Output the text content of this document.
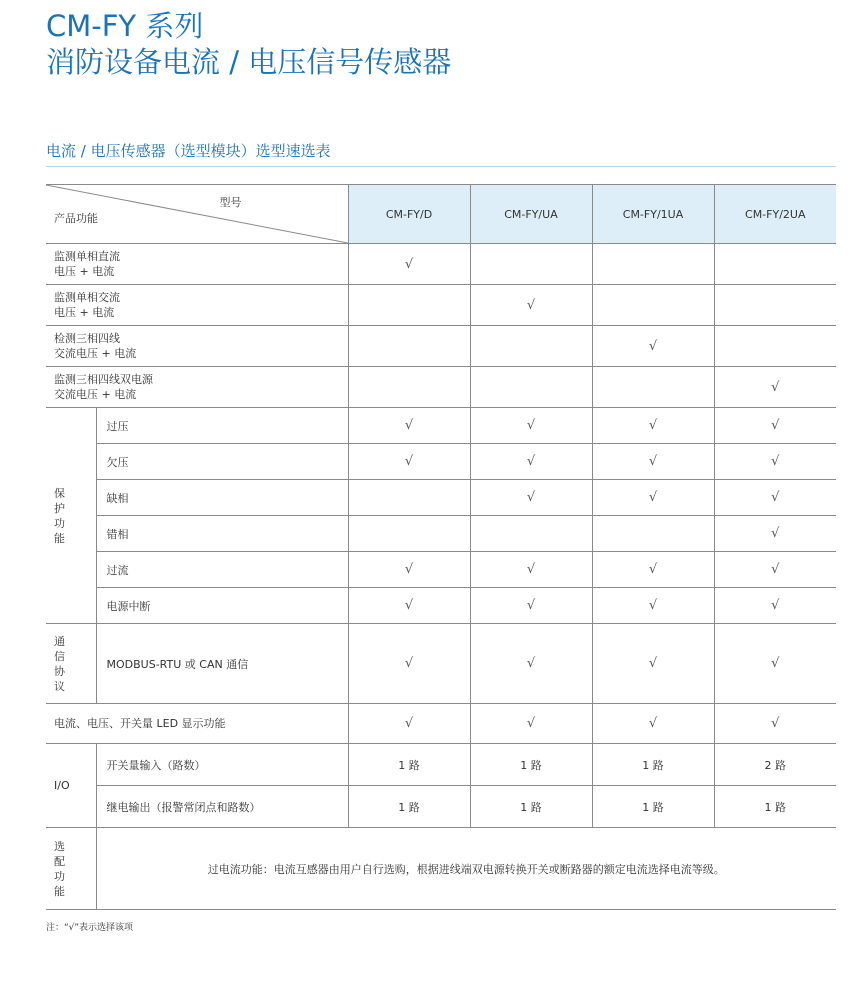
CM-FY 系列
消防设备电流 / 电压信号传感器
电流 / 电压传感器（选型模块）选型速选表
型号
产品功能		CM-FY/D	CM-FY/UA	CM-FY/1UA	CM-FY/2UA

监测单相直流
电压 + 电流		√			

监测单相交流
电压 + 电流			√		

检测三相四线
交流电压 + 电流				√	

监测三相四线双电源
交流电压 + 电流					√

保
护
功
能	过压	√	√	√	√
	欠压	√	√	√	√
	缺相		√	√	√
	错相				√
	过流	√	√	√	√
	电源中断	√	√	√	√

通
信
协
议	MODBUS-RTU 或 CAN 通信	√	√	√	√
电流、电压、开关量 LED 显示功能		√	√	√	√
I/O	开关量输入（路数）	1 路	1 路	1 路	2 路
	继电输出（报警常闭点和路数）	1 路	1 路	1 路	1 路

选
配
功
能	过电流功能：电流互感器由用户自行选购，根据进线端双电源转换开关或断路器的额定电流选择电流等级。				
注：“√”表示选择该项
